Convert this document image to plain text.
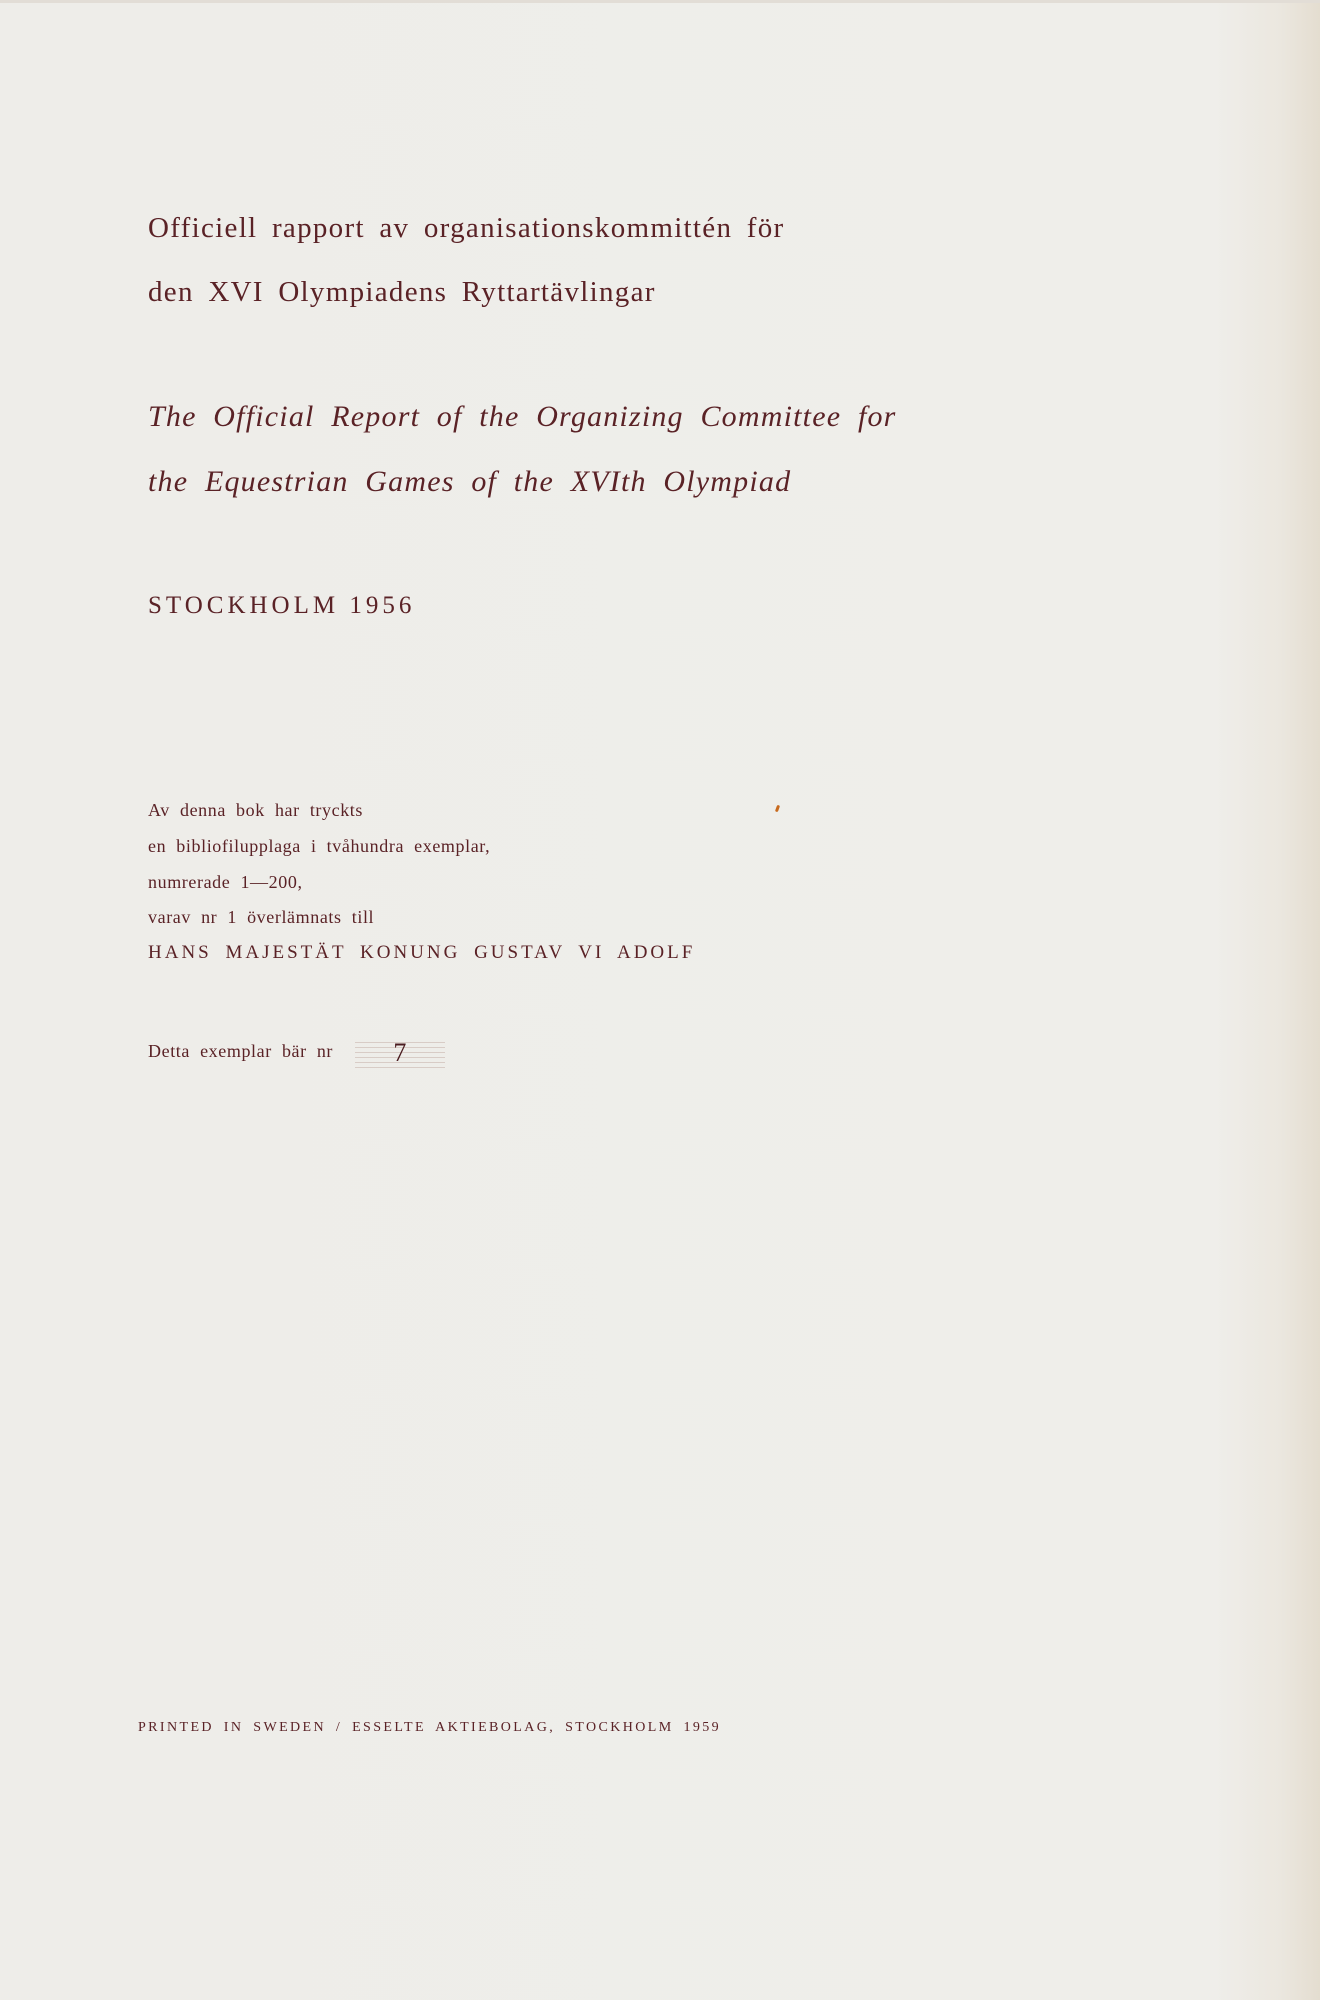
Officiell rapport av organisationskommittén för
den XVI Olympiadens Ryttartävlingar
The Official Report of the Organizing Committee for
the Equestrian Games of the XVIth Olympiad
STOCKHOLM 1956
Av denna bok har tryckts
en bibliofilupplaga i tvåhundra exemplar,
numrerade 1—200,
varav nr 1 överlämnats till
HANS MAJESTÄT KONUNG GUSTAV VI ADOLF
Detta exemplar bär nr 7
PRINTED IN SWEDEN / ESSELTE AKTIEBOLAG, STOCKHOLM 1959
